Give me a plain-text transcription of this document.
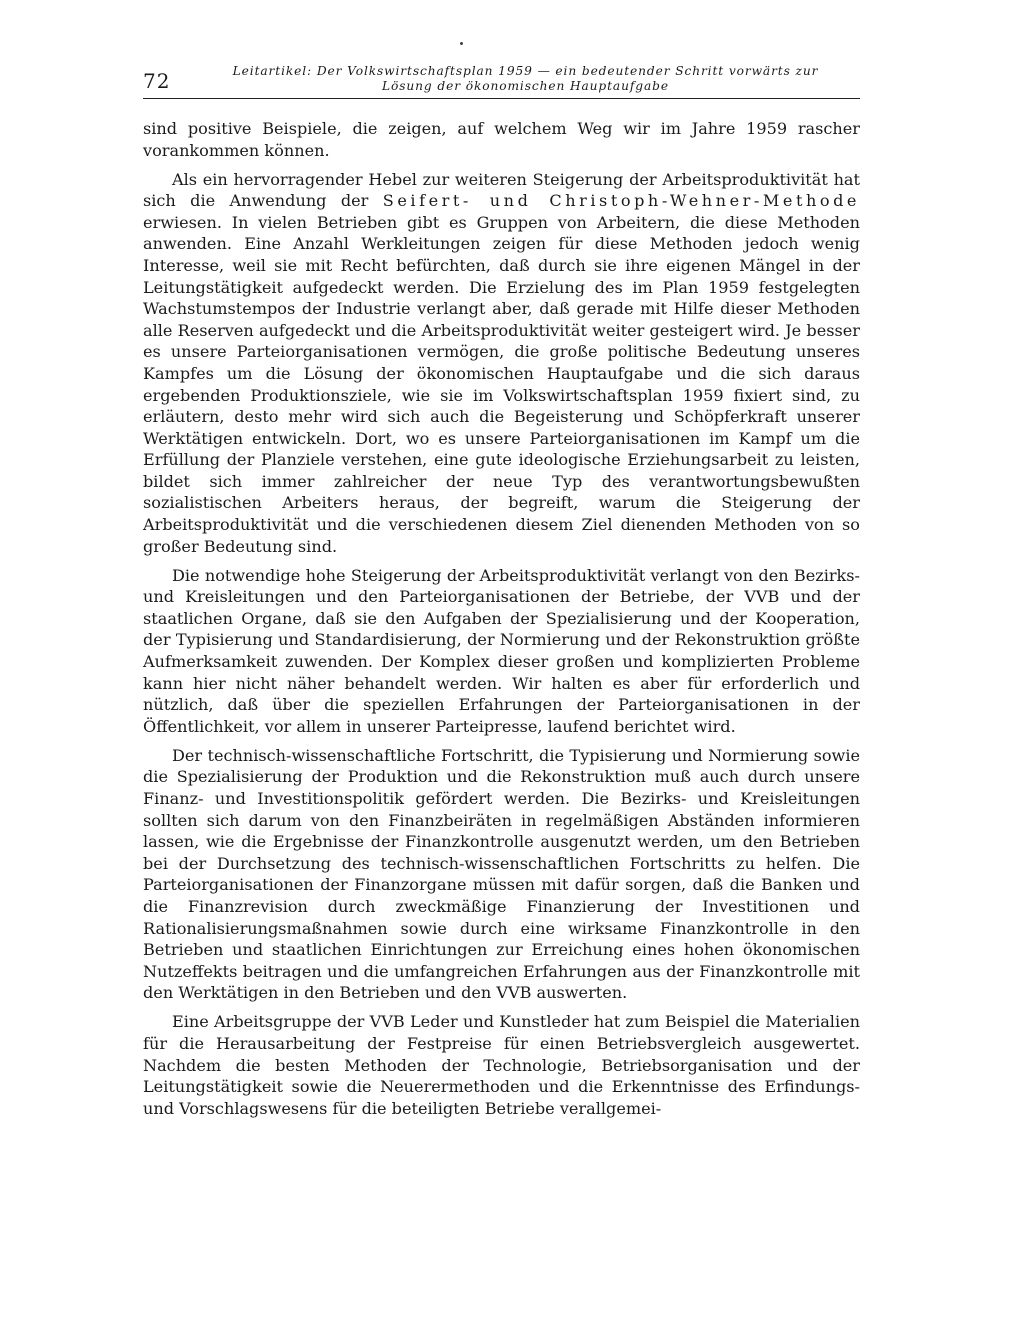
72	Leitartikel: Der Volkswirtschaftsplan 1959 — ein bedeutender Schritt vorwärts zur
Lösung der ökonomischen Hauptaufgabe

sind positive Beispiele, die zeigen, auf welchem Weg wir im Jahre 1959 rascher vorankommen können.

Als ein hervorragender Hebel zur weiteren Steigerung der Arbeitsproduktivität hat sich die Anwendung der Seifert- und Christoph-Wehner-Methode erwiesen. In vielen Betrieben gibt es Gruppen von Arbeitern, die diese Methoden anwenden. Eine Anzahl Werkleitungen zeigen für diese Methoden jedoch wenig Interesse, weil sie mit Recht befürchten, daß durch sie ihre eigenen Mängel in der Leitungstätigkeit aufgedeckt werden. Die Erzielung des im Plan 1959 festgelegten Wachstumstempos der Industrie verlangt aber, daß gerade mit Hilfe dieser Methoden alle Reserven aufgedeckt und die Arbeitsproduktivität weiter gesteigert wird. Je besser es unsere Parteiorganisationen vermögen, die große politische Bedeutung unseres Kampfes um die Lösung der ökonomischen Hauptaufgabe und die sich daraus ergebenden Produktionsziele, wie sie im Volkswirtschaftsplan 1959 fixiert sind, zu erläutern, desto mehr wird sich auch die Begeisterung und Schöpferkraft unserer Werktätigen entwickeln. Dort, wo es unsere Parteiorganisationen im Kampf um die Erfüllung der Planziele verstehen, eine gute ideologische Erziehungsarbeit zu leisten, bildet sich immer zahlreicher der neue Typ des verantwortungsbewußten sozialistischen Arbeiters heraus, der begreift, warum die Steigerung der Arbeitsproduktivität und die verschiedenen diesem Ziel dienenden Methoden von so großer Bedeutung sind.

Die notwendige hohe Steigerung der Arbeitsproduktivität verlangt von den Bezirks- und Kreisleitungen und den Parteiorganisationen der Betriebe, der VVB und der staatlichen Organe, daß sie den Aufgaben der Spezialisierung und der Kooperation, der Typisierung und Standardisierung, der Normierung und der Rekonstruktion größte Aufmerksamkeit zuwenden. Der Komplex dieser großen und komplizierten Probleme kann hier nicht näher behandelt werden. Wir halten es aber für erforderlich und nützlich, daß über die speziellen Erfahrungen der Parteiorganisationen in der Öffentlichkeit, vor allem in unserer Parteipresse, laufend berichtet wird.

Der technisch-wissenschaftliche Fortschritt, die Typisierung und Normierung sowie die Spezialisierung der Produktion und die Rekonstruktion muß auch durch unsere Finanz- und Investitionspolitik gefördert werden. Die Bezirks- und Kreisleitungen sollten sich darum von den Finanzbeiräten in regelmäßigen Abständen informieren lassen, wie die Ergebnisse der Finanzkontrolle ausgenutzt werden, um den Betrieben bei der Durchsetzung des technisch-wissenschaftlichen Fortschritts zu helfen. Die Parteiorganisationen der Finanzorgane müssen mit dafür sorgen, daß die Banken und die Finanzrevision durch zweckmäßige Finanzierung der Investitionen und Rationalisierungsmaßnahmen sowie durch eine wirksame Finanzkontrolle in den Betrieben und staatlichen Einrichtungen zur Erreichung eines hohen ökonomischen Nutzeffekts beitragen und die umfangreichen Erfahrungen aus der Finanzkontrolle mit den Werktätigen in den Betrieben und den VVB auswerten.

Eine Arbeitsgruppe der VVB Leder und Kunstleder hat zum Beispiel die Materialien für die Herausarbeitung der Festpreise für einen Betriebsvergleich ausgewertet. Nachdem die besten Methoden der Technologie, Betriebsorganisation und der Leitungstätigkeit sowie die Neuerermethoden und die Erkenntnisse des Erfindungs- und Vorschlagswesens für die beteiligten Betriebe verallgemei-
